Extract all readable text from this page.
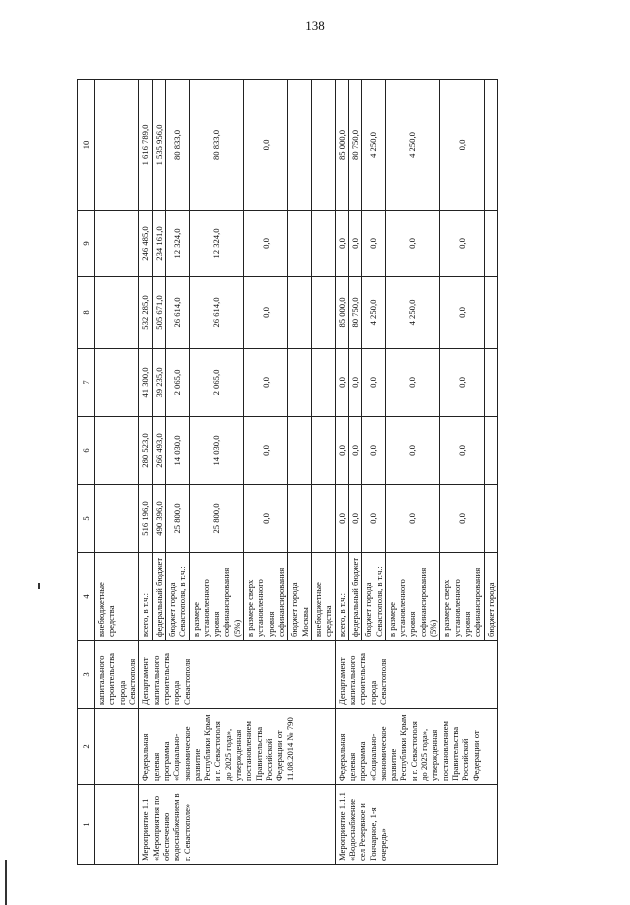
138
1	2	3	4	5	6	7	8	9	10
		капитального строительства города Севастополя	внебюджетные средства						
Мероприятие 1.1 «Мероприятия по обеспечению водоснабжением в г. Севастополе»	Федеральная целевая программа «Социально-экономическое развитие Республики Крым и г. Севастополя до 2025 года», утвержденная постановлением Правительства Российской Федерации от 11.08.2014 № 790	Департамент капитального строительства города Севастополя	всего, в т.ч.:	516 196,0	280 523,0	41 300,0	532 285,0	246 485,0	1 616 789,0
			федеральный бюджет	490 396,0	266 493,0	39 235,0	505 671,0	234 161,0	1 535 956,0
			бюджет города Севастополя, в т.ч.:	25 800,0	14 030,0	2 065,0	26 614,0	12 324,0	80 833,0
			в размере установленного уровня софинансирования (5%)	25 800,0	14 030,0	2 065,0	26 614,0	12 324,0	80 833,0
			в размере сверх установленного уровня софинансирования	0,0	0,0	0,0	0,0	0,0	0,0
			бюджет города Москвы						
			внебюджетные средства						
Мероприятие 1.1.1 «Водоснабжение сел Резервное и Гончарное, 1-я очередь»	Федеральная целевая программа «Социально-экономическое развитие Республики Крым и г. Севастополя до 2025 года», утвержденная постановлением Правительства Российской Федерации от	Департамент капитального строительства города Севастополя	всего, в т.ч.:	0,0	0,0	0,0	85 000,0	0,0	85 000,0
			федеральный бюджет	0,0	0,0	0,0	80 750,0	0,0	80 750,0
			бюджет города Севастополя, в т.ч.:	0,0	0,0	0,0	4 250,0	0,0	4 250,0
			в размере установленного уровня софинансирования (5%)	0,0	0,0	0,0	4 250,0	0,0	4 250,0
			в размере сверх установленного уровня софинансирования	0,0	0,0	0,0	0,0	0,0	0,0
			бюджет города						
